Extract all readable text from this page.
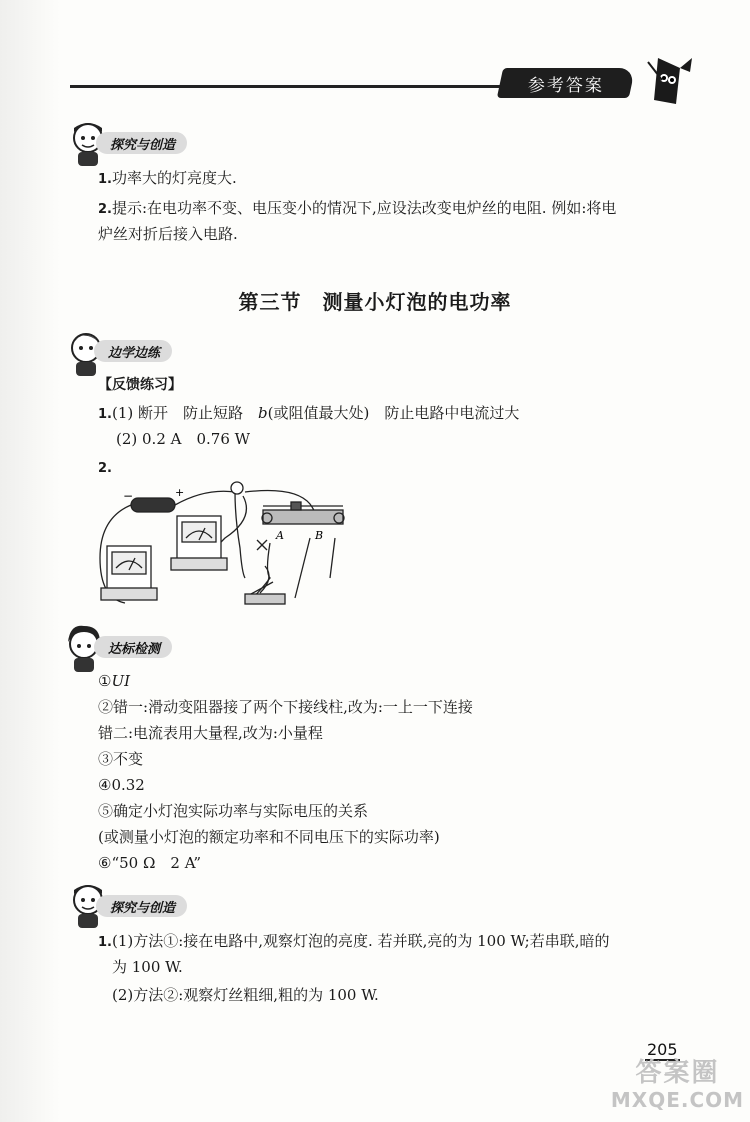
参考答案
探究与创造
1.功率大的灯亮度大.
2.提示:在电功率不变、电压变小的情况下,应设法改变电炉丝的电阻. 例如:将电
炉丝对折后接入电路.
第三节　测量小灯泡的电功率
边学边练
【反馈练习】
1.(1) 断开　防止短路　b(或阻值最大处)　防止电路中电流过大
(2) 0.2 A　0.76 W
2.
−	+
A	B
达标检测
①UI
②错一:滑动变阻器接了两个下接线柱,改为:一上一下连接
错二:电流表用大量程,改为:小量程
③不变
④0.32
⑤确定小灯泡实际功率与实际电压的关系
(或测量小灯泡的额定功率和不同电压下的实际功率)
⑥“50 Ω　2 A”
探究与创造
1.(1)方法①:接在电路中,观察灯泡的亮度. 若并联,亮的为 100 W;若串联,暗的
为 100 W.
(2)方法②:观察灯丝粗细,粗的为 100 W.
205
答案圈
MXQE.COM
